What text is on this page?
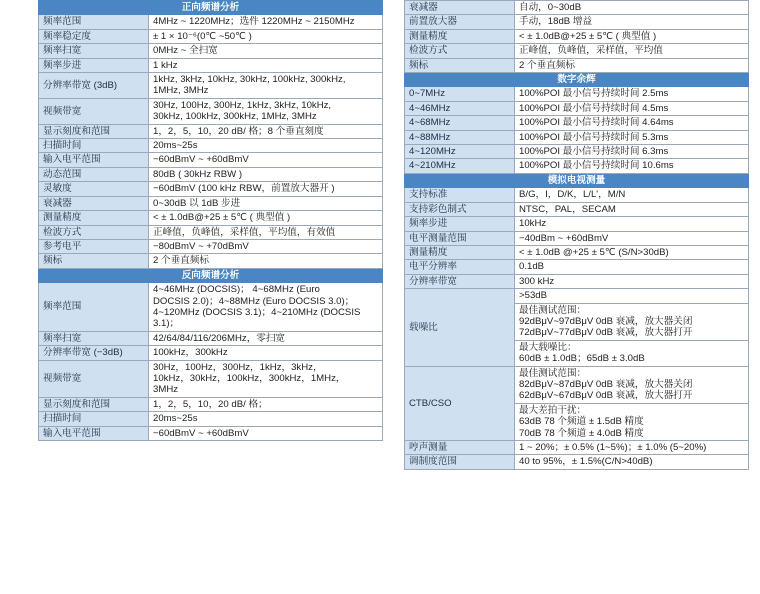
正向频谱分析	
频率范围	4MHz ~ 1220MHz；选件 1220MHz ~ 2150MHz
频率稳定度	± 1 × 10⁻⁶(0℃ ~50℃ )
频率扫宽	0MHz ~ 全扫宽
频率步进	1 kHz
分辨率带宽 (3dB)	1kHz, 3kHz, 10kHz, 30kHz, 100kHz, 300kHz,
1MHz, 3MHz
视频带宽	30Hz, 100Hz, 300Hz, 1kHz, 3kHz, 10kHz,
30kHz, 100kHz, 300kHz, 1MHz, 3MHz
显示刻度和范围	1，2，5，10，20 dB/ 格；8 个垂直刻度
扫描时间	20ms~25s
输入电平范围	−60dBmV ~ +60dBmV
动态范围	80dB ( 30kHz RBW )
灵敏度	−60dBmV (100 kHz RBW，前置放大器开 )
衰减器	0~30dB 以 1dB 步进
测量精度	< ± 1.0dB@+25 ± 5℃ ( 典型值 )
检波方式	正峰值，负峰值，采样值，平均值，有效值
参考电平	−80dBmV ~ +70dBmV
频标	2 个垂直频标
反向频谱分析	
频率范围	4~46MHz (DOCSIS)； 4~68MHz (Euro
DOCSIS 2.0)；4~88MHz (Euro DOCSIS 3.0)；
4~120MHz (DOCSIS 3.1)；4~210MHz (DOCSIS
3.1)；
频率扫宽	42/64/84/116/206MHz，零扫宽
分辨率带宽 (−3dB)	100kHz，300kHz
视频带宽	30Hz，100Hz，300Hz，1kHz，3kHz，
10kHz，30kHz，100kHz，300kHz，1MHz，
3MHz
显示刻度和范围	1，2，5，10，20 dB/ 格；
扫描时间	20ms~25s
输入电平范围	−60dBmV ~ +60dBmV
衰减器	自动，0~30dB
前置放大器	手动，18dB 增益
测量精度	< ± 1.0dB@+25 ± 5℃ ( 典型值 )
检波方式	正峰值，负峰值，采样值，平均值
频标	2 个垂直频标
数字余辉	
0~7MHz	100%POI 最小信号持续时间 2.5ms
4~46MHz	100%POI 最小信号持续时间 4.5ms
4~68MHz	100%POI 最小信号持续时间 4.64ms
4~88MHz	100%POI 最小信号持续时间 5.3ms
4~120MHz	100%POI 最小信号持续时间 6.3ms
4~210MHz	100%POI 最小信号持续时间 10.6ms
模拟电视测量	
支持标准	B/G，I，D/K，L/L'，M/N
支持彩色制式	NTSC，PAL，SECAM
频率步进	10kHz
电平测量范围	−40dBm ~ +60dBmV
测量精度	< ± 1.0dB @+25 ± 5℃ (S/N>30dB)
电平分辨率	0.1dB
分辨率带宽	300 kHz
载噪比	>53dB
	最佳测试范围：
92dBμV~97dBμV 0dB 衰减，放大器关闭
72dBμV~77dBμV 0dB 衰减，放大器打开
	最大载噪比：
60dB ± 1.0dB；65dB ± 3.0dB
CTB/CSO	最佳测试范围：
82dBμV~87dBμV 0dB 衰减，放大器关闭
62dBμV~67dBμV 0dB 衰减，放大器打开
	最大差拍干扰：
63dB 78 个频道 ± 1.5dB 精度
70dB 78 个频道 ± 4.0dB 精度
哼声测量	1 ~ 20%；± 0.5% (1~5%)；± 1.0% (5~20%)
调制度范围	40 to 95%，± 1.5%(C/N>40dB)
